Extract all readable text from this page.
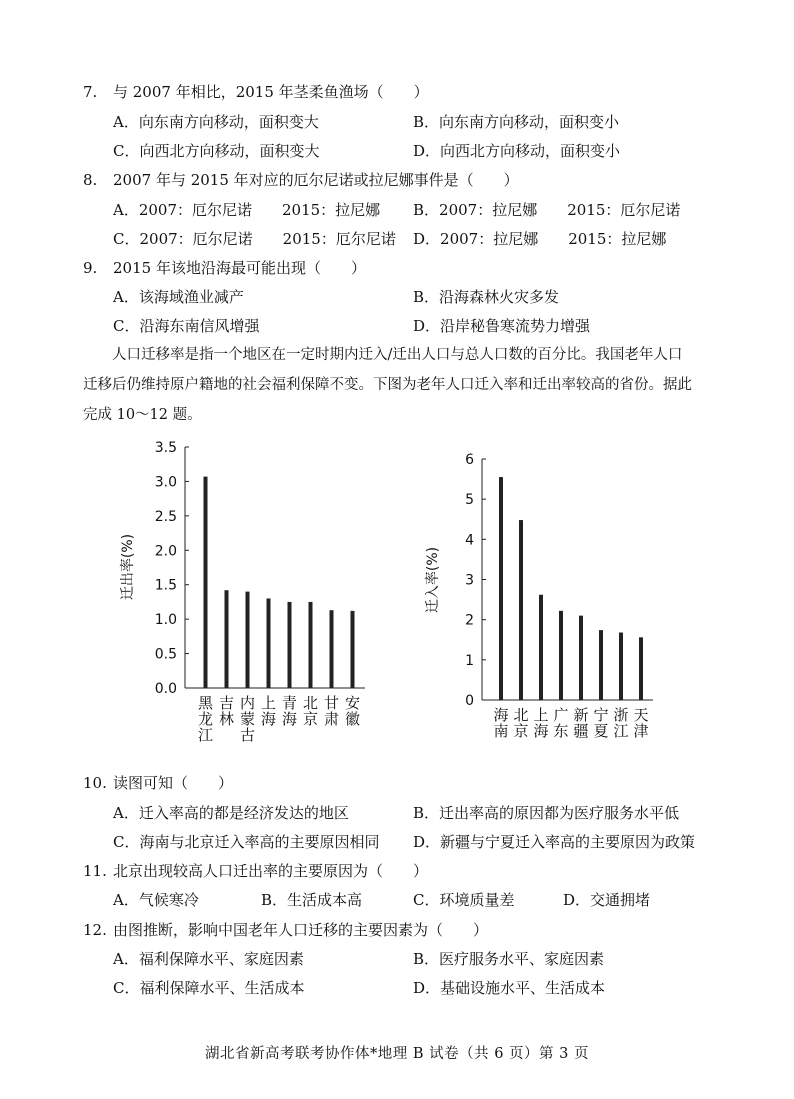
7. 与 2007 年相比，2015 年茎柔鱼渔场（　　）
A．向东南方向移动，面积变大	B．向东南方向移动，面积变小
C．向西北方向移动，面积变大	D．向西北方向移动，面积变小
8. 2007 年与 2015 年对应的厄尔尼诺或拉尼娜事件是（　　）
A．2007：厄尔尼诺　　2015：拉尼娜 B．2007：拉尼娜　　2015：厄尔尼诺
C．2007：厄尔尼诺　　2015：厄尔尼诺 D．2007：拉尼娜　　2015：拉尼娜
9. 2015 年该地沿海最可能出现（　　）
A．该海域渔业减产	B．沿海森林火灾多发
C．沿海东南信风增强	D．沿岸秘鲁寒流势力增强

　　人口迁移率是指一个地区在一定时期内迁入/迁出人口与总人口数的百分比。我国老年人口

迁移后仍维持原户籍地的社会福利保障不变。下图为老年人口迁入率和迁出率较高的省份。据此

完成 10～12 题。

0.0
0.5
1.0
1.5
2.0
2.5
3.0
3.5
迁出率(%)
黑
龙
江
吉
林
内
蒙
古
上
海
青
海
北
京
甘
肃
安
徽
0
1
2
3
4
5
6
迁入率(%)
海
南
北
京
上
海
广
东
新
疆
宁
夏
浙
江
天
津
10. 读图可知（　　）
A．迁入率高的都是经济发达的地区	B．迁出率高的原因都为医疗服务水平低
C．海南与北京迁入率高的主要原因相同 D．新疆与宁夏迁入率高的主要原因为政策
11. 北京出现较高人口迁出率的主要原因为（　　）
A．气候寒冷	B．生活成本高	C．环境质量差	D．交通拥堵
12. 由图推断，影响中国老年人口迁移的主要因素为（　　）
A．福利保障水平、家庭因素	B．医疗服务水平、家庭因素
C．福利保障水平、生活成本	D．基础设施水平、生活成本
湖北省新高考联考协作体*地理 B 试卷（共 6 页）第 3 页
